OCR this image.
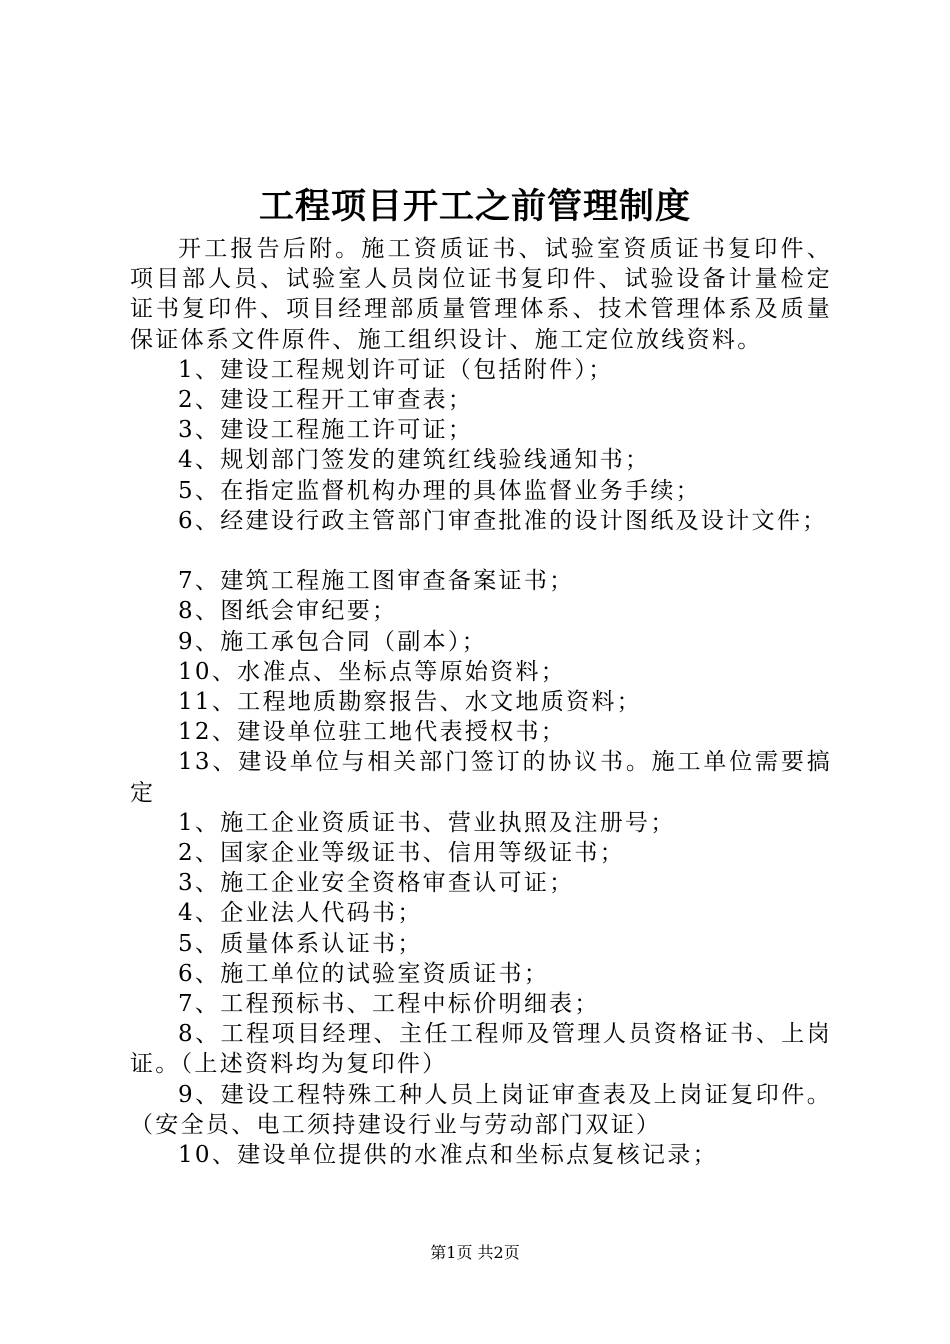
工程项目开工之前管理制度

开工报告后附。施工资质证书、试验室资质证书复印件、项目部人员、试验室人员岗位证书复印件、试验设备计量检定证书复印件、项目经理部质量管理体系、技术管理体系及质量保证体系文件原件、施工组织设计、施工定位放线资料。

1、建设工程规划许可证（包括附件）；

2、建设工程开工审查表；

3、建设工程施工许可证；

4、规划部门签发的建筑红线验线通知书；

5、在指定监督机构办理的具体监督业务手续；

6、经建设行政主管部门审查批准的设计图纸及设计文件；

7、建筑工程施工图审查备案证书；

8、图纸会审纪要；

9、施工承包合同（副本）；

10、水准点、坐标点等原始资料；

11、工程地质勘察报告、水文地质资料；

12、建设单位驻工地代表授权书；

13、建设单位与相关部门签订的协议书。施工单位需要搞定

1、施工企业资质证书、营业执照及注册号；

2、国家企业等级证书、信用等级证书；

3、施工企业安全资格审查认可证；

4、企业法人代码书；

5、质量体系认证书；

6、施工单位的试验室资质证书；

7、工程预标书、工程中标价明细表；

8、工程项目经理、主任工程师及管理人员资格证书、上岗证。（上述资料均为复印件）

9、建设工程特殊工种人员上岗证审查表及上岗证复印件。（安全员、电工须持建设行业与劳动部门双证）

10、建设单位提供的水准点和坐标点复核记录；

第1页 共2页
